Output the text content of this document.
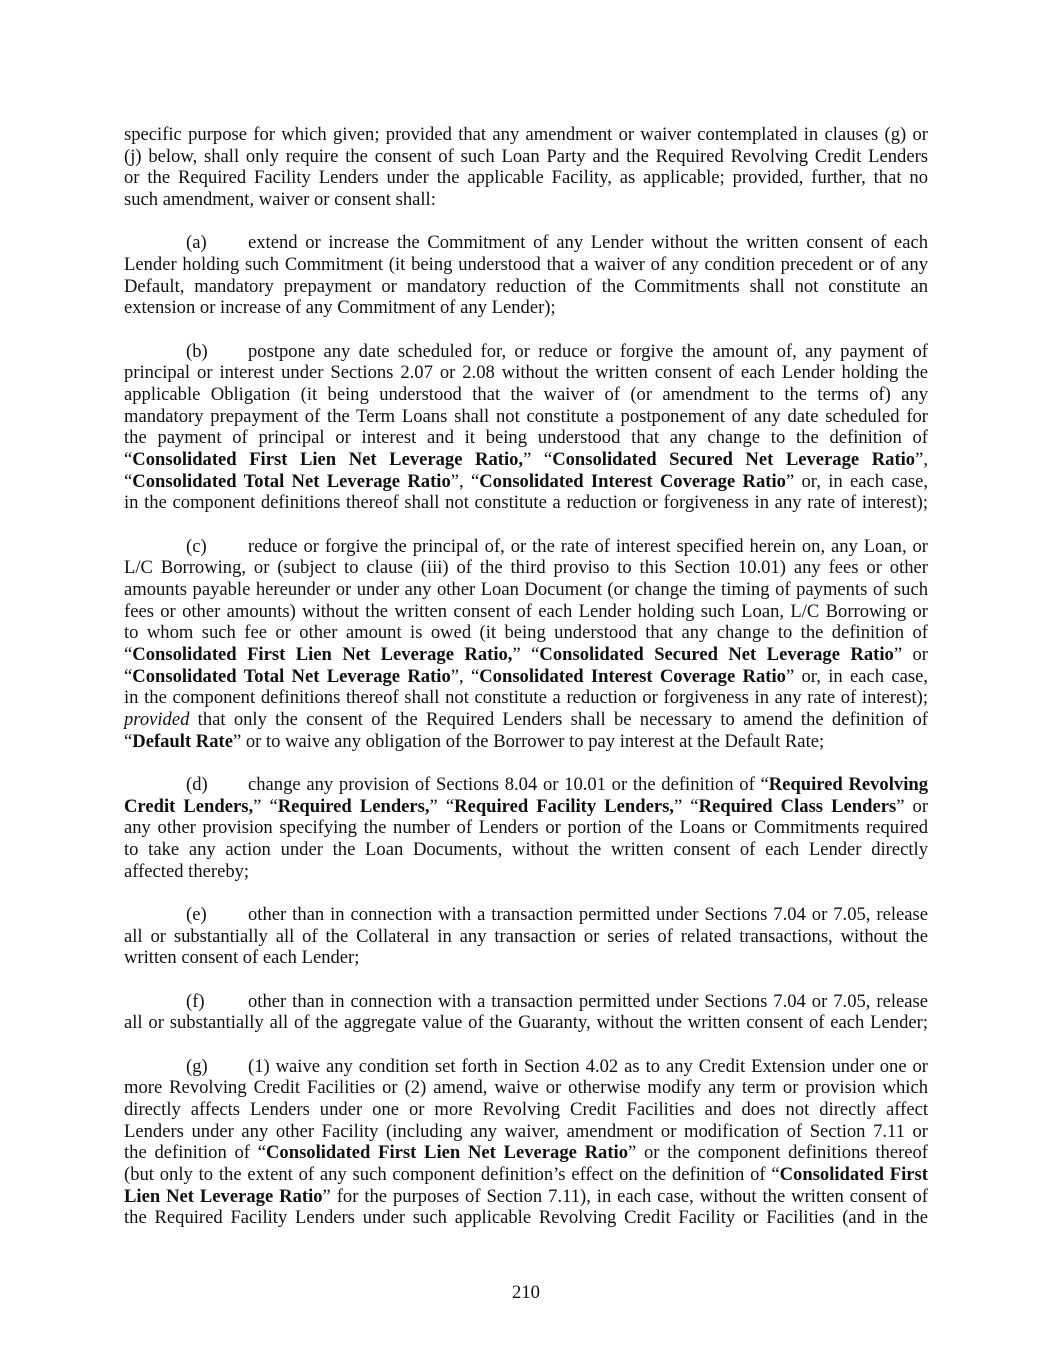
specific purpose for which given; provided that any amendment or waiver contemplated in clauses (g) or
(j) below, shall only require the consent of such Loan Party and the Required Revolving Credit Lenders
or the Required Facility Lenders under the applicable Facility, as applicable; provided, further, that no
such amendment, waiver or consent shall:
(a) extend or increase the Commitment of any Lender without the written consent of each
Lender holding such Commitment (it being understood that a waiver of any condition precedent or of any
Default, mandatory prepayment or mandatory reduction of the Commitments shall not constitute an
extension or increase of any Commitment of any Lender);
(b) postpone any date scheduled for, or reduce or forgive the amount of, any payment of
principal or interest under Sections 2.07 or 2.08 without the written consent of each Lender holding the
applicable Obligation (it being understood that the waiver of (or amendment to the terms of) any
mandatory prepayment of the Term Loans shall not constitute a postponement of any date scheduled for
the payment of principal or interest and it being understood that any change to the definition of
“Consolidated First Lien Net Leverage Ratio,” “Consolidated Secured Net Leverage Ratio”,
“Consolidated Total Net Leverage Ratio”, “Consolidated Interest Coverage Ratio” or, in each case,
in the component definitions thereof shall not constitute a reduction or forgiveness in any rate of interest);
(c) reduce or forgive the principal of, or the rate of interest specified herein on, any Loan, or
L/C Borrowing, or (subject to clause (iii) of the third proviso to this Section 10.01) any fees or other
amounts payable hereunder or under any other Loan Document (or change the timing of payments of such
fees or other amounts) without the written consent of each Lender holding such Loan, L/C Borrowing or
to whom such fee or other amount is owed (it being understood that any change to the definition of
“Consolidated First Lien Net Leverage Ratio,” “Consolidated Secured Net Leverage Ratio” or
“Consolidated Total Net Leverage Ratio”, “Consolidated Interest Coverage Ratio” or, in each case,
in the component definitions thereof shall not constitute a reduction or forgiveness in any rate of interest);
provided that only the consent of the Required Lenders shall be necessary to amend the definition of
“Default Rate” or to waive any obligation of the Borrower to pay interest at the Default Rate;
(d) change any provision of Sections 8.04 or 10.01 or the definition of “Required Revolving
Credit Lenders,” “Required Lenders,” “Required Facility Lenders,” “Required Class Lenders” or
any other provision specifying the number of Lenders or portion of the Loans or Commitments required
to take any action under the Loan Documents, without the written consent of each Lender directly
affected thereby;
(e) other than in connection with a transaction permitted under Sections 7.04 or 7.05, release
all or substantially all of the Collateral in any transaction or series of related transactions, without the
written consent of each Lender;
(f) other than in connection with a transaction permitted under Sections 7.04 or 7.05, release
all or substantially all of the aggregate value of the Guaranty, without the written consent of each Lender;
(g) (1) waive any condition set forth in Section 4.02 as to any Credit Extension under one or
more Revolving Credit Facilities or (2) amend, waive or otherwise modify any term or provision which
directly affects Lenders under one or more Revolving Credit Facilities and does not directly affect
Lenders under any other Facility (including any waiver, amendment or modification of Section 7.11 or
the definition of “Consolidated First Lien Net Leverage Ratio” or the component definitions thereof
(but only to the extent of any such component definition’s effect on the definition of “Consolidated First
Lien Net Leverage Ratio” for the purposes of Section 7.11), in each case, without the written consent of
the Required Facility Lenders under such applicable Revolving Credit Facility or Facilities (and in the
210
